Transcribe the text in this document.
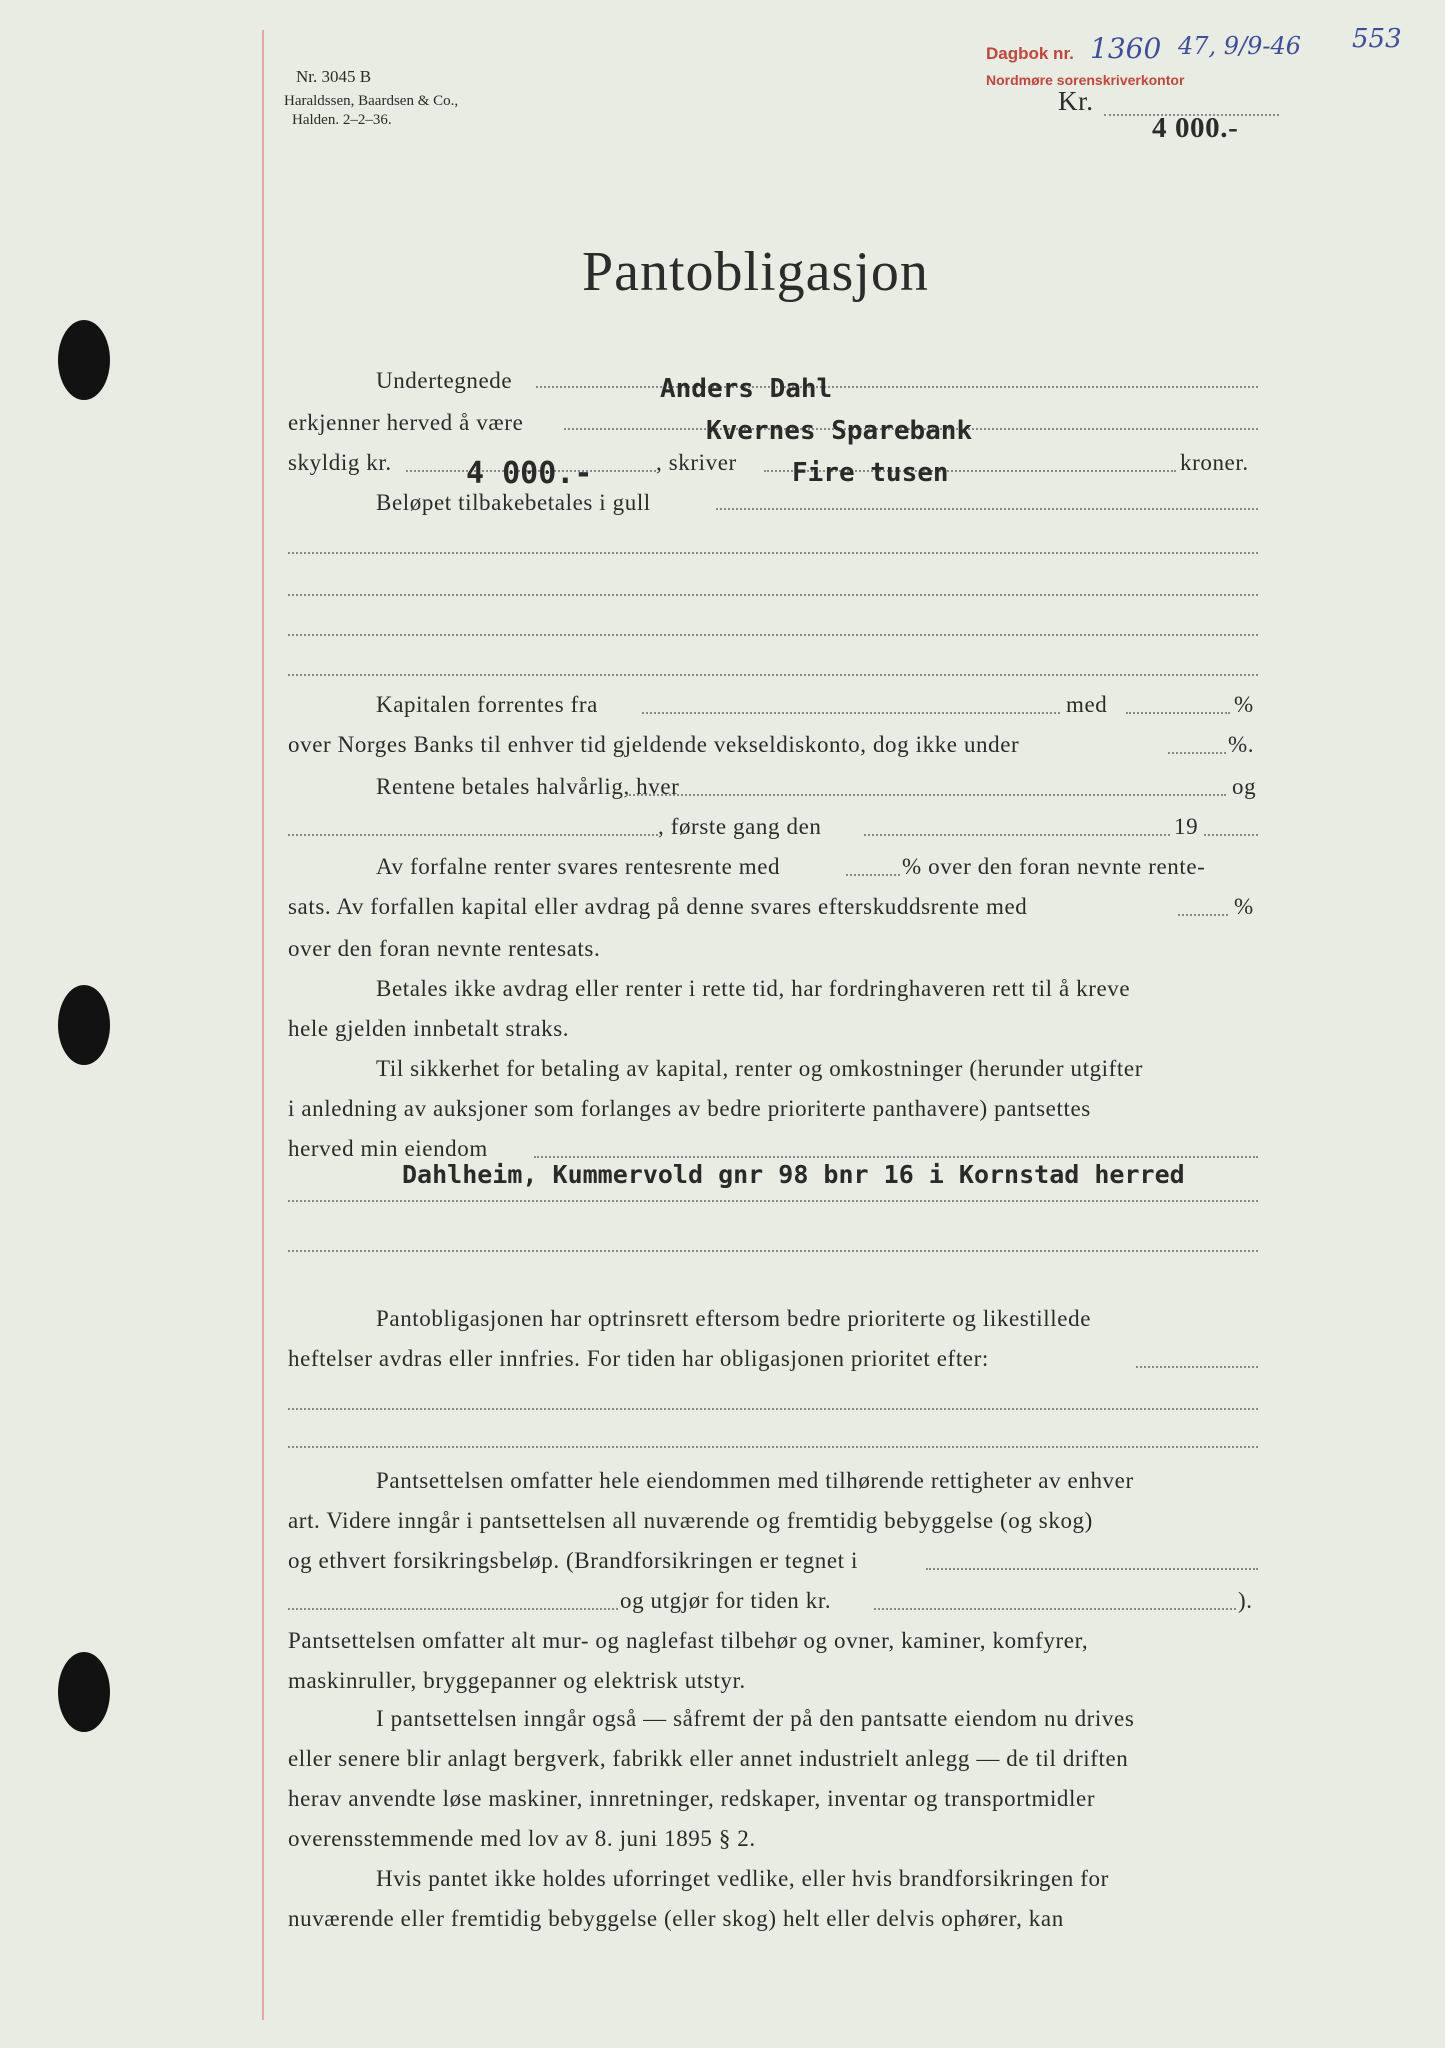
Nr. 3045 B
Haraldssen, Baardsen & Co.,
Halden. 2–2–36.
Dagbok nr. 1360 47, 9/9-46 553
Nordmøre sorenskriverkontor
Kr.
4 000.-
Pantobligasjon
Undertegnede	Anders Dahl
erkjenner herved å være	Kvernes Sparebank
skyldig kr. 4 000.-	, skriver Fire tusen	kroner.
Beløpet tilbakebetales i gull
Kapitalen forrentes fra	med	%
over Norges Banks til enhver tid gjeldende vekseldiskonto, dog ikke under	%.
Rentene betales halvårlig, hver	og
, første gang den	19
Av forfalne renter svares rentesrente med	% over den foran nevnte rente-
sats. Av forfallen kapital eller avdrag på denne svares efterskuddsrente med	%
over den foran nevnte rentesats.
Betales ikke avdrag eller renter i rette tid, har fordringhaveren rett til å kreve
hele gjelden innbetalt straks.
Til sikkerhet for betaling av kapital, renter og omkostninger (herunder utgifter
i anledning av auksjoner som forlanges av bedre prioriterte panthavere) pantsettes
herved min eiendom
Dahlheim, Kummervold gnr 98 bnr 16 i Kornstad herred
Pantobligasjonen har optrinsrett eftersom bedre prioriterte og likestillede
heftelser avdras eller innfries. For tiden har obligasjonen prioritet efter:
Pantsettelsen omfatter hele eiendommen med tilhørende rettigheter av enhver
art. Videre inngår i pantsettelsen all nuværende og fremtidig bebyggelse (og skog)
og ethvert forsikringsbeløp. (Brandforsikringen er tegnet i
og utgjør for tiden kr.	).
Pantsettelsen omfatter alt mur- og naglefast tilbehør og ovner, kaminer, komfyrer,
maskinruller, bryggepanner og elektrisk utstyr.
I pantsettelsen inngår også — såfremt der på den pantsatte eiendom nu drives
eller senere blir anlagt bergverk, fabrikk eller annet industrielt anlegg — de til driften
herav anvendte løse maskiner, innretninger, redskaper, inventar og transportmidler
overensstemmende med lov av 8. juni 1895 § 2.
Hvis pantet ikke holdes uforringet vedlike, eller hvis brandforsikringen for
nuværende eller fremtidig bebyggelse (eller skog) helt eller delvis ophører, kan
